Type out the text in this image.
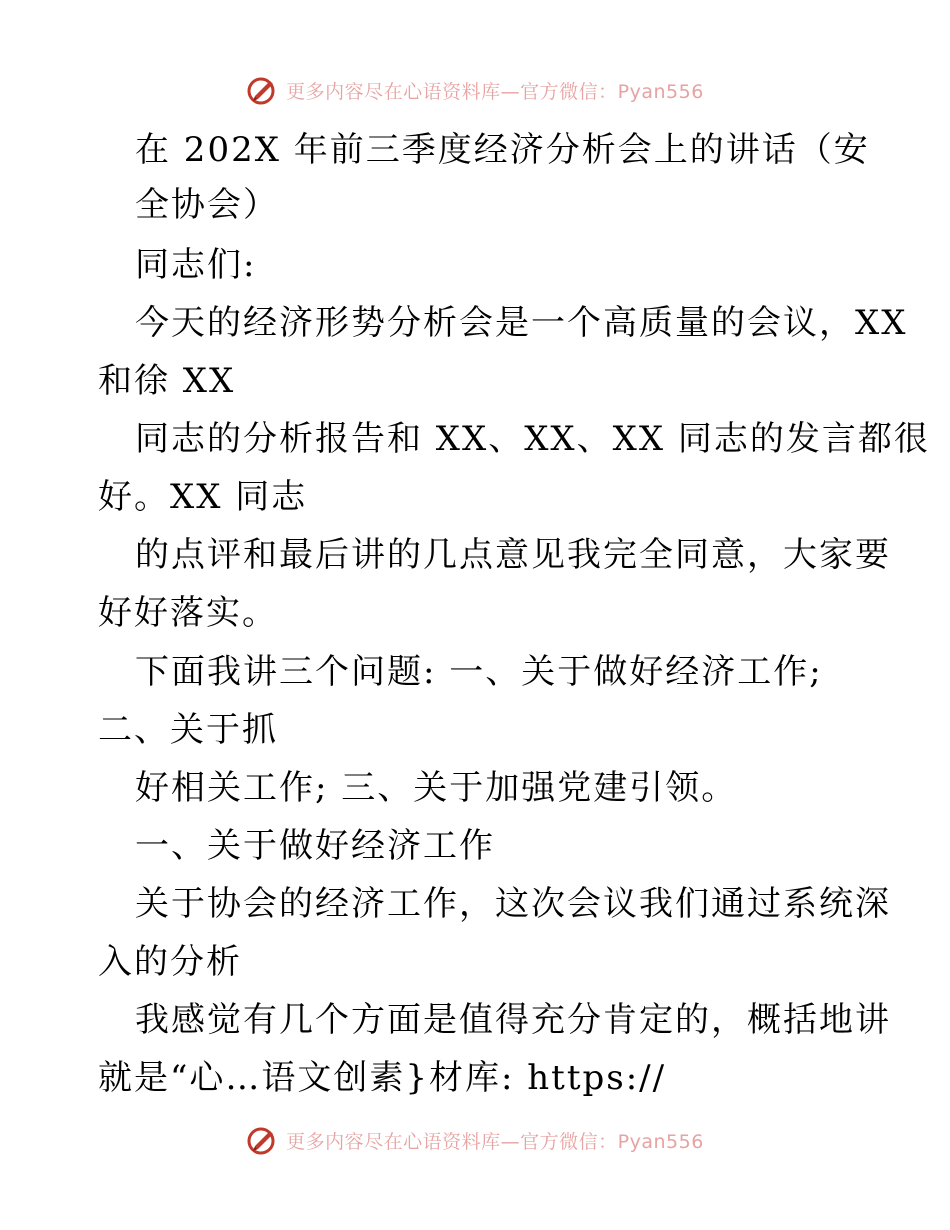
更多内容尽在心语资料库—官方微信：Pyan556
在 202X 年前三季度经济分析会上的讲话（安
全协会）
同志们:
今天的经济形势分析会是一个高质量的会议，XX
和徐 XX
同志的分析报告和 XX、XX、XX 同志的发言都很
好。XX 同志
的点评和最后讲的几点意见我完全同意，大家要
好好落实。
下面我讲三个问题: 一、关于做好经济工作;
二、关于抓
好相关工作; 三、关于加强党建引领。
一、关于做好经济工作
关于协会的经济工作，这次会议我们通过系统深
入的分析
我感觉有几个方面是值得充分肯定的，概括地讲
就是“心…语文创素}材库: https://
更多内容尽在心语资料库—官方微信：Pyan556
